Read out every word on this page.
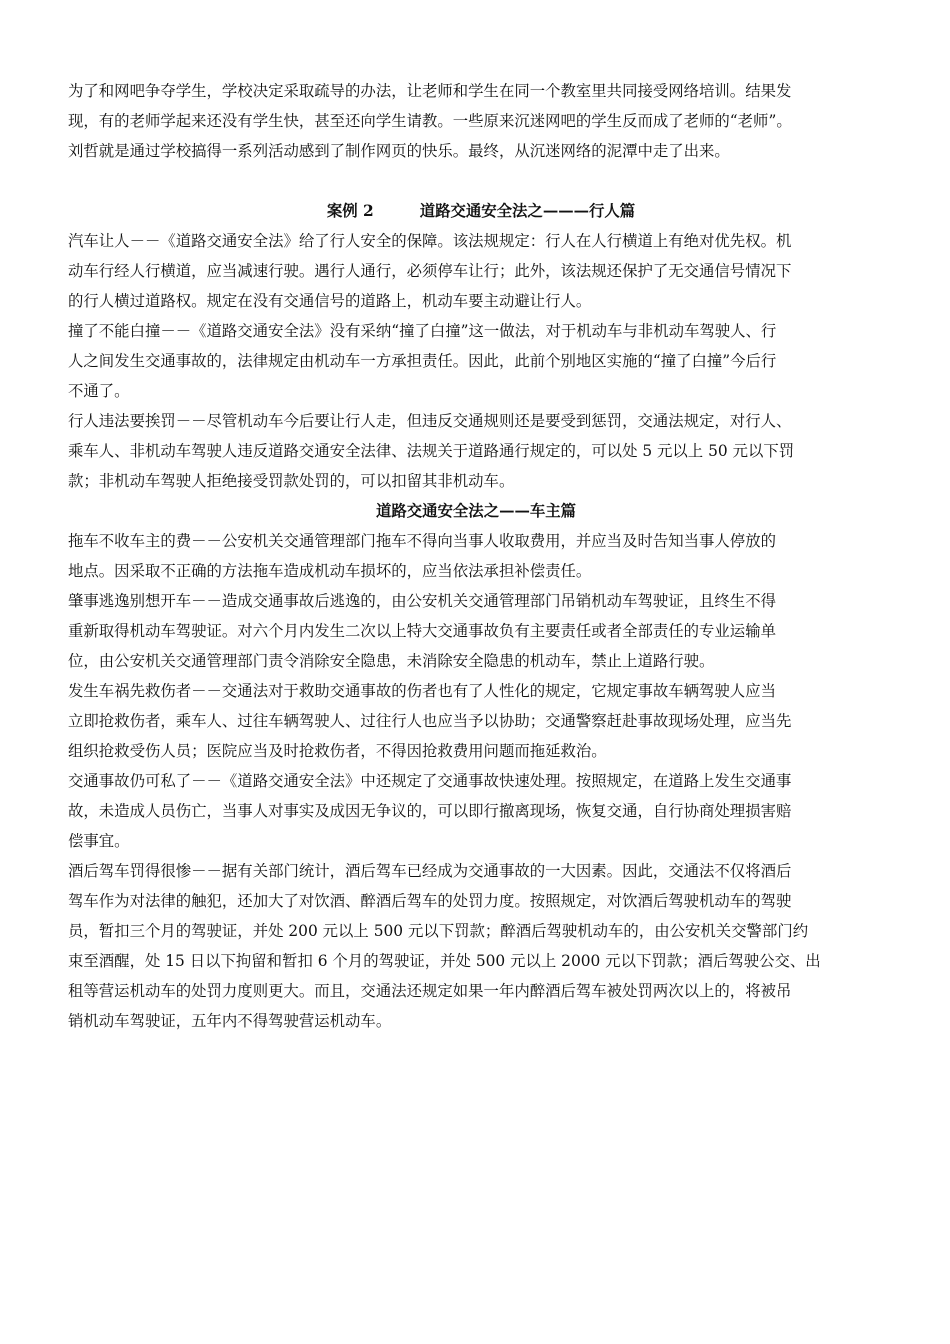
为了和网吧争夺学生，学校决定采取疏导的办法，让老师和学生在同一个教室里共同接受网络培训。结果发
现，有的老师学起来还没有学生快，甚至还向学生请教。一些原来沉迷网吧的学生反而成了老师的“老师”。
刘哲就是通过学校搞得一系列活动感到了制作网页的快乐。最终，从沉迷网络的泥潭中走了出来。
案例 2	道路交通安全法之———行人篇
汽车让人－－《道路交通安全法》给了行人安全的保障。该法规规定：行人在人行横道上有绝对优先权。机
动车行经人行横道，应当减速行驶。遇行人通行，必须停车让行；此外，该法规还保护了无交通信号情况下
的行人横过道路权。规定在没有交通信号的道路上，机动车要主动避让行人。
撞了不能白撞－－《道路交通安全法》没有采纳“撞了白撞”这一做法，对于机动车与非机动车驾驶人、行
人之间发生交通事故的，法律规定由机动车一方承担责任。因此，此前个别地区实施的“撞了白撞”今后行
不通了。
行人违法要挨罚－－尽管机动车今后要让行人走，但违反交通规则还是要受到惩罚，交通法规定，对行人、
乘车人、非机动车驾驶人违反道路交通安全法律、法规关于道路通行规定的，可以处 5 元以上 50 元以下罚
款；非机动车驾驶人拒绝接受罚款处罚的，可以扣留其非机动车。
道路交通安全法之——车主篇
拖车不收车主的费－－公安机关交通管理部门拖车不得向当事人收取费用，并应当及时告知当事人停放的
地点。因采取不正确的方法拖车造成机动车损坏的，应当依法承担补偿责任。
肇事逃逸别想开车－－造成交通事故后逃逸的，由公安机关交通管理部门吊销机动车驾驶证，且终生不得
重新取得机动车驾驶证。对六个月内发生二次以上特大交通事故负有主要责任或者全部责任的专业运输单
位，由公安机关交通管理部门责令消除安全隐患，未消除安全隐患的机动车，禁止上道路行驶。
发生车祸先救伤者－－交通法对于救助交通事故的伤者也有了人性化的规定，它规定事故车辆驾驶人应当
立即抢救伤者，乘车人、过往车辆驾驶人、过往行人也应当予以协助；交通警察赶赴事故现场处理，应当先
组织抢救受伤人员；医院应当及时抢救伤者，不得因抢救费用问题而拖延救治。
交通事故仍可私了－－《道路交通安全法》中还规定了交通事故快速处理。按照规定，在道路上发生交通事
故，未造成人员伤亡，当事人对事实及成因无争议的，可以即行撤离现场，恢复交通，自行协商处理损害赔
偿事宜。
酒后驾车罚得很惨－－据有关部门统计，酒后驾车已经成为交通事故的一大因素。因此，交通法不仅将酒后
驾车作为对法律的触犯，还加大了对饮酒、醉酒后驾车的处罚力度。按照规定，对饮酒后驾驶机动车的驾驶
员，暂扣三个月的驾驶证，并处 200 元以上 500 元以下罚款；醉酒后驾驶机动车的，由公安机关交警部门约
束至酒醒，处 15 日以下拘留和暂扣 6 个月的驾驶证，并处 500 元以上 2000 元以下罚款；酒后驾驶公交、出
租等营运机动车的处罚力度则更大。而且，交通法还规定如果一年内醉酒后驾车被处罚两次以上的，将被吊
销机动车驾驶证，五年内不得驾驶营运机动车。
